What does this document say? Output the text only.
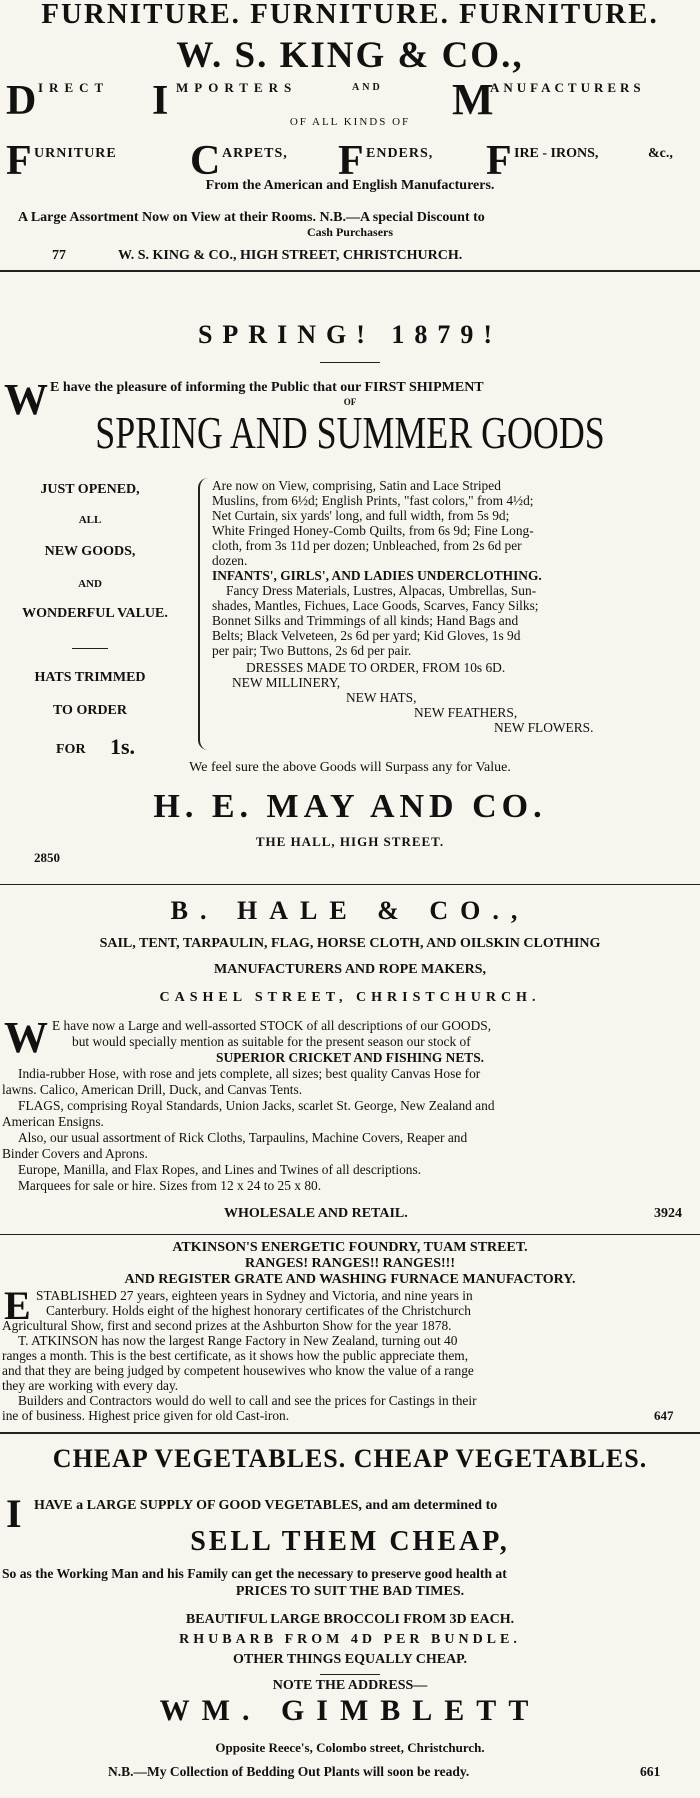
FURNITURE. FURNITURE. FURNITURE.
W. S. KING & CO.,
D IRECT I MPORTERS	AND M
ANUFACTURERS
OF ALL KINDS OF
F URNITURE C ARPETS, F ENDERS, F IRE - IRONS,	&c.,
From the American and English Manufacturers.
A Large Assortment Now on View at their Rooms. N.B.—A special Discount to
Cash Purchasers
77	W. S. KING & CO., HIGH STREET, CHRISTCHURCH.
SPRING! 1879!
W E have the pleasure of informing the Public that our FIRST SHIPMENT
OF
SPRING AND SUMMER GOODS
JUST OPENED,
ALL
NEW GOODS,
AND
WONDERFUL VALUE.
HATS TRIMMED
TO ORDER
FOR 1s.
Are now on View, comprising, Satin and Lace Striped
Muslins, from 6½d; English Prints, "fast colors," from 4½d;
Net Curtain, six yards' long, and full width, from 5s 9d;
White Fringed Honey-Comb Quilts, from 6s 9d; Fine Long-
cloth, from 3s 11d per dozen; Unbleached, from 2s 6d per
dozen.
INFANTS', GIRLS', AND LADIES UNDERCLOTHING.
Fancy Dress Materials, Lustres, Alpacas, Umbrellas, Sun-
shades, Mantles, Fichues, Lace Goods, Scarves, Fancy Silks;
Bonnet Silks and Trimmings of all kinds; Hand Bags and
Belts; Black Velveteen, 2s 6d per yard; Kid Gloves, 1s 9d
per pair; Two Buttons, 2s 6d per pair.
DRESSES MADE TO ORDER, FROM 10s 6D.
NEW MILLINERY,
NEW HATS,
NEW FEATHERS,
NEW FLOWERS.
We feel sure the above Goods will Surpass any for Value.
H. E. MAY AND CO.
THE HALL, HIGH STREET.
2850
B. HALE & CO.,
SAIL, TENT, TARPAULIN, FLAG, HORSE CLOTH, AND OILSKIN CLOTHING
MANUFACTURERS AND ROPE MAKERS,
CASHEL STREET, CHRISTCHURCH.
W E have now a Large and well-assorted STOCK of all descriptions of our GOODS,
but would specially mention as suitable for the present season our stock of
SUPERIOR CRICKET AND FISHING NETS.
India-rubber Hose, with rose and jets complete, all sizes; best quality Canvas Hose for
lawns. Calico, American Drill, Duck, and Canvas Tents.
FLAGS, comprising Royal Standards, Union Jacks, scarlet St. George, New Zealand and
American Ensigns.
Also, our usual assortment of Rick Cloths, Tarpaulins, Machine Covers, Reaper and
Binder Covers and Aprons.
Europe, Manilla, and Flax Ropes, and Lines and Twines of all descriptions.
Marquees for sale or hire. Sizes from 12 x 24 to 25 x 80.
WHOLESALE AND RETAIL.	3924
ATKINSON'S ENERGETIC FOUNDRY, TUAM STREET.
RANGES! RANGES!! RANGES!!!
AND REGISTER GRATE AND WASHING FURNACE MANUFACTORY.
E STABLISHED 27 years, eighteen years in Sydney and Victoria, and nine years in
Canterbury. Holds eight of the highest honorary certificates of the Christchurch
Agricultural Show, first and second prizes at the Ashburton Show for the year 1878.
T. ATKINSON has now the largest Range Factory in New Zealand, turning out 40
ranges a month. This is the best certificate, as it shows how the public appreciate them,
and that they are being judged by competent housewives who know the value of a range
they are working with every day.
Builders and Contractors would do well to call and see the prices for Castings in their
ine of business. Highest price given for old Cast-iron.	647
CHEAP VEGETABLES. CHEAP VEGETABLES.
I HAVE a LARGE SUPPLY OF GOOD VEGETABLES, and am determined to
SELL THEM CHEAP,
So as the Working Man and his Family can get the necessary to preserve good health at
PRICES TO SUIT THE BAD TIMES.
BEAUTIFUL LARGE BROCCOLI FROM 3D EACH.
RHUBARB FROM 4D PER BUNDLE.
OTHER THINGS EQUALLY CHEAP.
NOTE THE ADDRESS—
WM. GIMBLETT
Opposite Reece's, Colombo street, Christchurch.
N.B.—My Collection of Bedding Out Plants will soon be ready.	661
